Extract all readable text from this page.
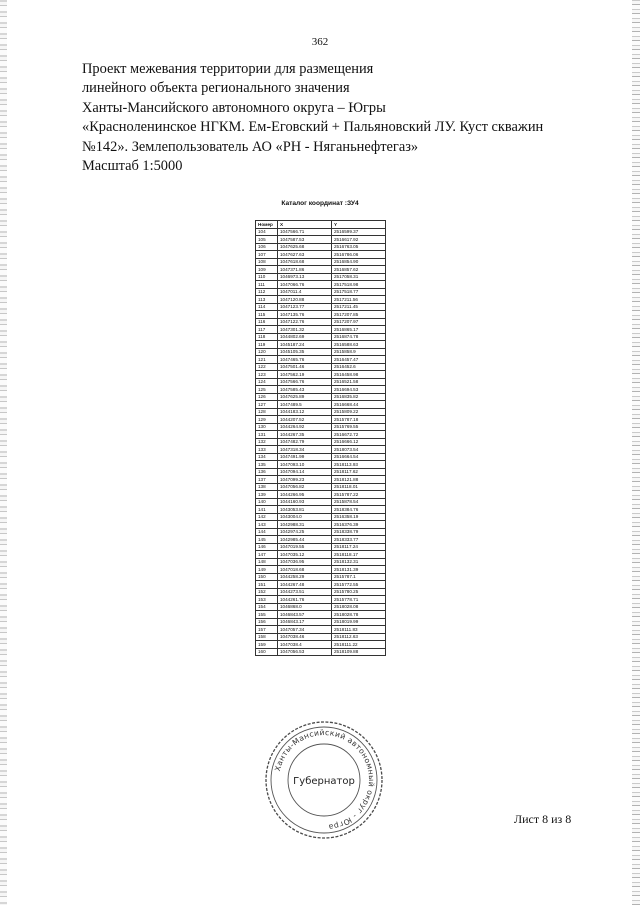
362
Проект межевания территории для размещения
линейного объекта регионального значения
Ханты-Мансийского автономного округа – Югры
«Красноленинское НГКМ. Ем-Еговский + Пальяновский ЛУ. Куст скважин
№142». Землепользователь АО «РН - Няганьнефтегаз»
Масштаб 1:5000
Каталог координат :ЗУ4
Номер	X	Y
104	1047566.71	2516599.37
105	1047587.53	2516617.92
106	1047625.68	2516763.05
107	1047627.63	2516786.06
108	1047618.68	2516854.90
109	1047371.86	2516857.62
110	1046973.13	2517058.31
111	1047066.76	2517518.98
112	1047011.4	2517518.77
113	1047120.88	2517211.56
114	1047123.77	2517211.45
115	1047135.76	2517207.85
116	1047122.76	2517207.97
117	1047301.32	2516865.17
118	1044802.69	2516874.78
119	1045187.24	2516588.63
120	1045105.35	2515858.9
121	1047465.76	2516457.47
122	1047501.46	2516452.6
123	1047562.19	2516458.98
124	1047566.76	2516521.58
125	1047585.43	2516694.53
126	1047625.89	2516835.82
127	1047489.5	2516668.44
128	1044183.12	2515809.22
129	1044207.52	2515787.18
130	1044264.92	2515769.55
131	1044267.35	2516672.72
132	1047482.79	2516666.12
133	1047318.34	2518073.54
134	1047491.99	2516664.54
135	1047093.10	2518113.93
136	1047094.14	2518117.62
137	1047099.23	2518121.88
138	1047056.82	2518118.01
139	1044266.95	2515787.22
140	1044160.93	2515878.54
141	1043053.81	2518384.76
142	1043004.0	2516358.19
143	1042988.31	2516376.39
144	1042974.25	2518338.79
145	1042985.44	2518333.77
146	1047019.55	2518117.24
147	1047035.12	2518118.17
148	1047036.95	2518132.31
149	1047018.68	2518131.39
150	1044258.29	2515787.1
151	1044267.48	2515772.55
152	1044273.51	2515780.25
153	1044261.76	2515778.71
154	1046868.0	2518028.08
155	1046843.57	2518028.78
156	1046843.17	2518019.99
157	1047057.34	2518111.83
158	1047038.46	2518112.63
159	1047038.4	2518111.22
160	1047056.53	2518109.88
Ханты-Мансийский автономный округ - Югра
Губернатор
Лист 8 из 8
